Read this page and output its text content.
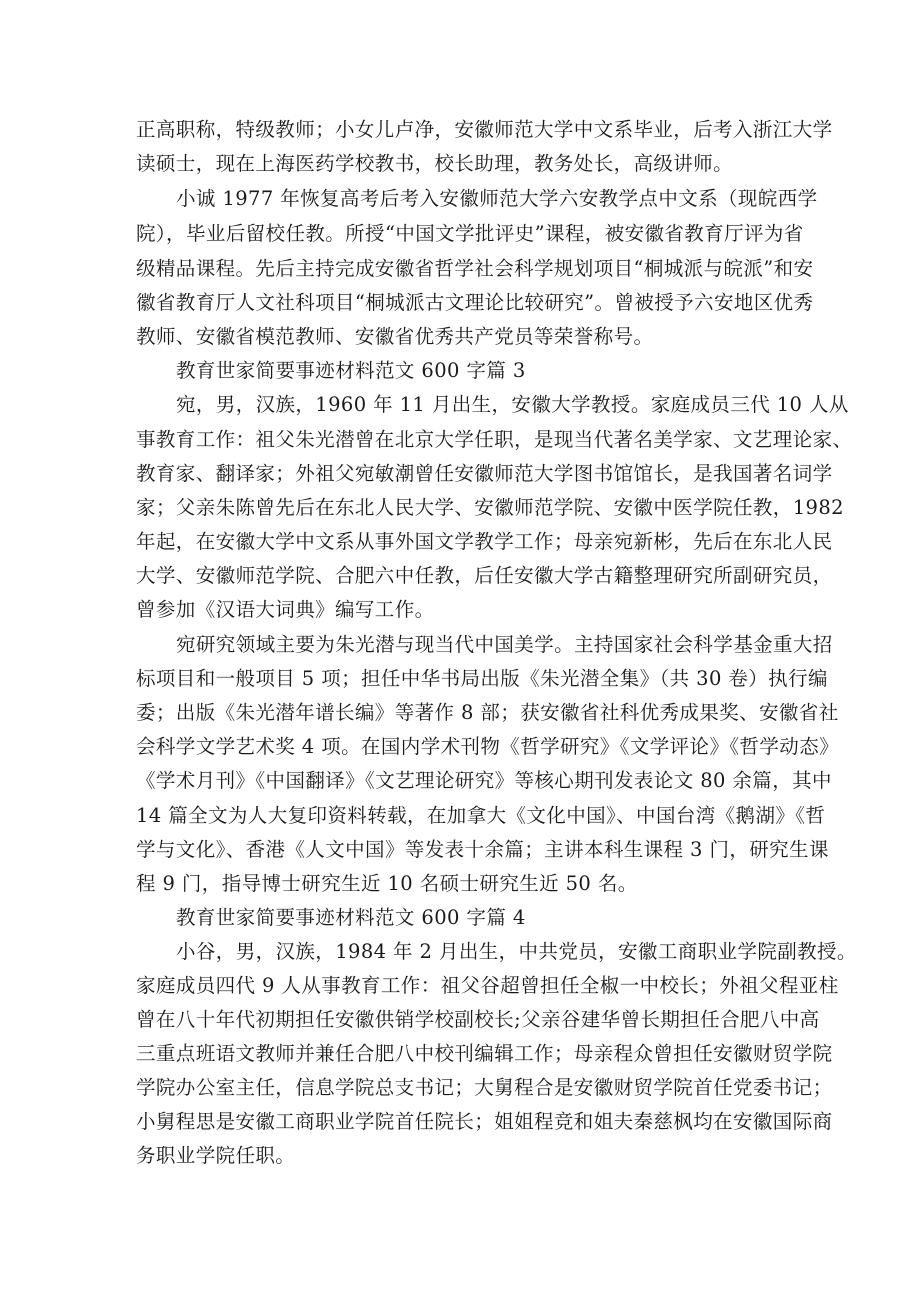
正高职称，特级教师；小女儿卢净，安徽师范大学中文系毕业，后考入浙江大学
读硕士，现在上海医药学校教书，校长助理，教务处长，高级讲师。
小诚 1977 年恢复高考后考入安徽师范大学六安教学点中文系（现皖西学
院），毕业后留校任教。所授“中国文学批评史”课程，被安徽省教育厅评为省
级精品课程。先后主持完成安徽省哲学社会科学规划项目“桐城派与皖派”和安
徽省教育厅人文社科项目“桐城派古文理论比较研究”。曾被授予六安地区优秀
教师、安徽省模范教师、安徽省优秀共产党员等荣誉称号。
教育世家简要事迹材料范文 600 字篇 3
宛，男，汉族，1960 年 11 月出生，安徽大学教授。家庭成员三代 10 人从
事教育工作：祖父朱光潜曾在北京大学任职，是现当代著名美学家、文艺理论家、
教育家、翻译家；外祖父宛敏潮曾任安徽师范大学图书馆馆长，是我国著名词学
家；父亲朱陈曾先后在东北人民大学、安徽师范学院、安徽中医学院任教，1982
年起，在安徽大学中文系从事外国文学教学工作；母亲宛新彬，先后在东北人民
大学、安徽师范学院、合肥六中任教，后任安徽大学古籍整理研究所副研究员，
曾参加《汉语大词典》编写工作。
宛研究领域主要为朱光潜与现当代中国美学。主持国家社会科学基金重大招
标项目和一般项目 5 项；担任中华书局出版《朱光潜全集》（共 30 卷）执行编
委；出版《朱光潜年谱长编》等著作 8 部；获安徽省社科优秀成果奖、安徽省社
会科学文学艺术奖 4 项。在国内学术刊物《哲学研究》《文学评论》《哲学动态》
《学术月刊》《中国翻译》《文艺理论研究》等核心期刊发表论文 80 余篇，其中
14 篇全文为人大复印资料转载，在加拿大《文化中国》、中国台湾《鹅湖》《哲
学与文化》、香港《人文中国》等发表十余篇；主讲本科生课程 3 门，研究生课
程 9 门，指导博士研究生近 10 名硕士研究生近 50 名。
教育世家简要事迹材料范文 600 字篇 4
小谷，男，汉族，1984 年 2 月出生，中共党员，安徽工商职业学院副教授。
家庭成员四代 9 人从事教育工作：祖父谷超曾担任全椒一中校长；外祖父程亚柱
曾在八十年代初期担任安徽供销学校副校长;父亲谷建华曾长期担任合肥八中高
三重点班语文教师并兼任合肥八中校刊编辑工作；母亲程众曾担任安徽财贸学院
学院办公室主任，信息学院总支书记；大舅程合是安徽财贸学院首任党委书记；
小舅程思是安徽工商职业学院首任院长；姐姐程竞和姐夫秦慈枫均在安徽国际商
务职业学院任职。
